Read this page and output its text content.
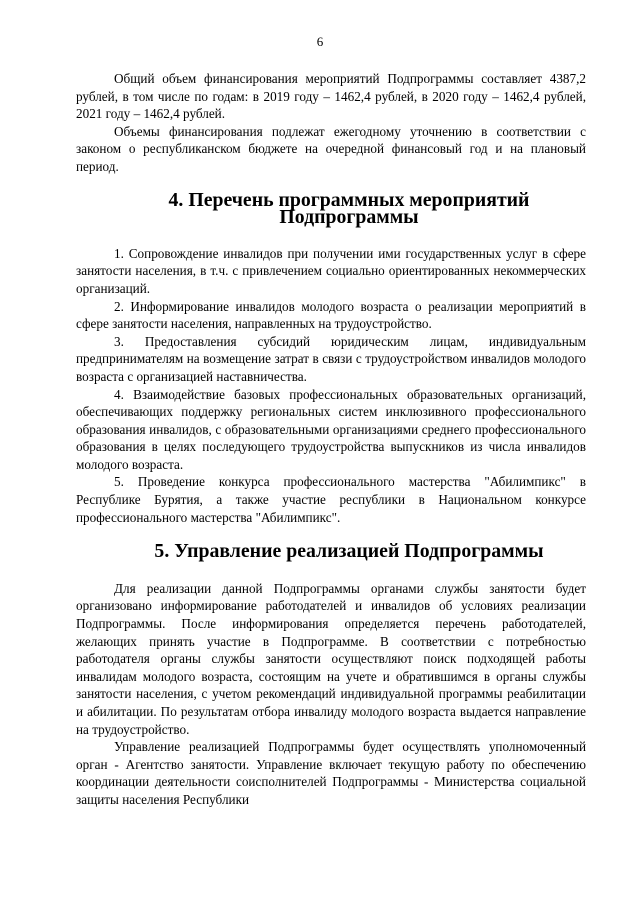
6

Общий объем финансирования мероприятий Подпрограммы составляет 4387,2 рублей, в том числе по годам: в 2019 году – 1462,4 рублей, в 2020 году – 1462,4 рублей, 2021 году – 1462,4 рублей.

Объемы финансирования подлежат ежегодному уточнению в соответствии с законом о республиканском бюджете на очередной финансовый год и на плановый период.

4. Перечень программных мероприятий Подпрограммы

1. Сопровождение инвалидов при получении ими государственных услуг в сфере занятости населения, в т.ч. с привлечением социально ориентированных некоммерческих организаций.

2. Информирование инвалидов молодого возраста о реализации мероприятий в сфере занятости населения, направленных на трудоустройство.

3. Предоставления субсидий юридическим лицам, индивидуальным предпринимателям на возмещение затрат в связи с трудоустройством инвалидов молодого возраста с организацией наставничества.

4. Взаимодействие базовых профессиональных образовательных организаций, обеспечивающих поддержку региональных систем инклюзивного профессионального образования инвалидов, с образовательными организациями среднего профессионального образования в целях последующего трудоустройства выпускников из числа инвалидов молодого возраста.

5. Проведение конкурса профессионального мастерства "Абилимпикс" в Республике Бурятия, а также участие республики в Национальном конкурсе профессионального мастерства "Абилимпикс".

5. Управление реализацией Подпрограммы

Для реализации данной Подпрограммы органами службы занятости будет организовано информирование работодателей и инвалидов об условиях реализации Подпрограммы. После информирования определяется перечень работодателей, желающих принять участие в Подпрограмме. В соответствии с потребностью работодателя органы службы занятости осуществляют поиск подходящей работы инвалидам молодого возраста, состоящим на учете и обратившимся в органы службы занятости населения, с учетом рекомендаций индивидуальной программы реабилитации и абилитации. По результатам отбора инвалиду молодого возраста выдается направление на трудоустройство.

Управление реализацией Подпрограммы будет осуществлять уполномоченный орган - Агентство занятости. Управление включает текущую работу по обеспечению координации деятельности соисполнителей Подпрограммы - Министерства социальной защиты населения Республики
